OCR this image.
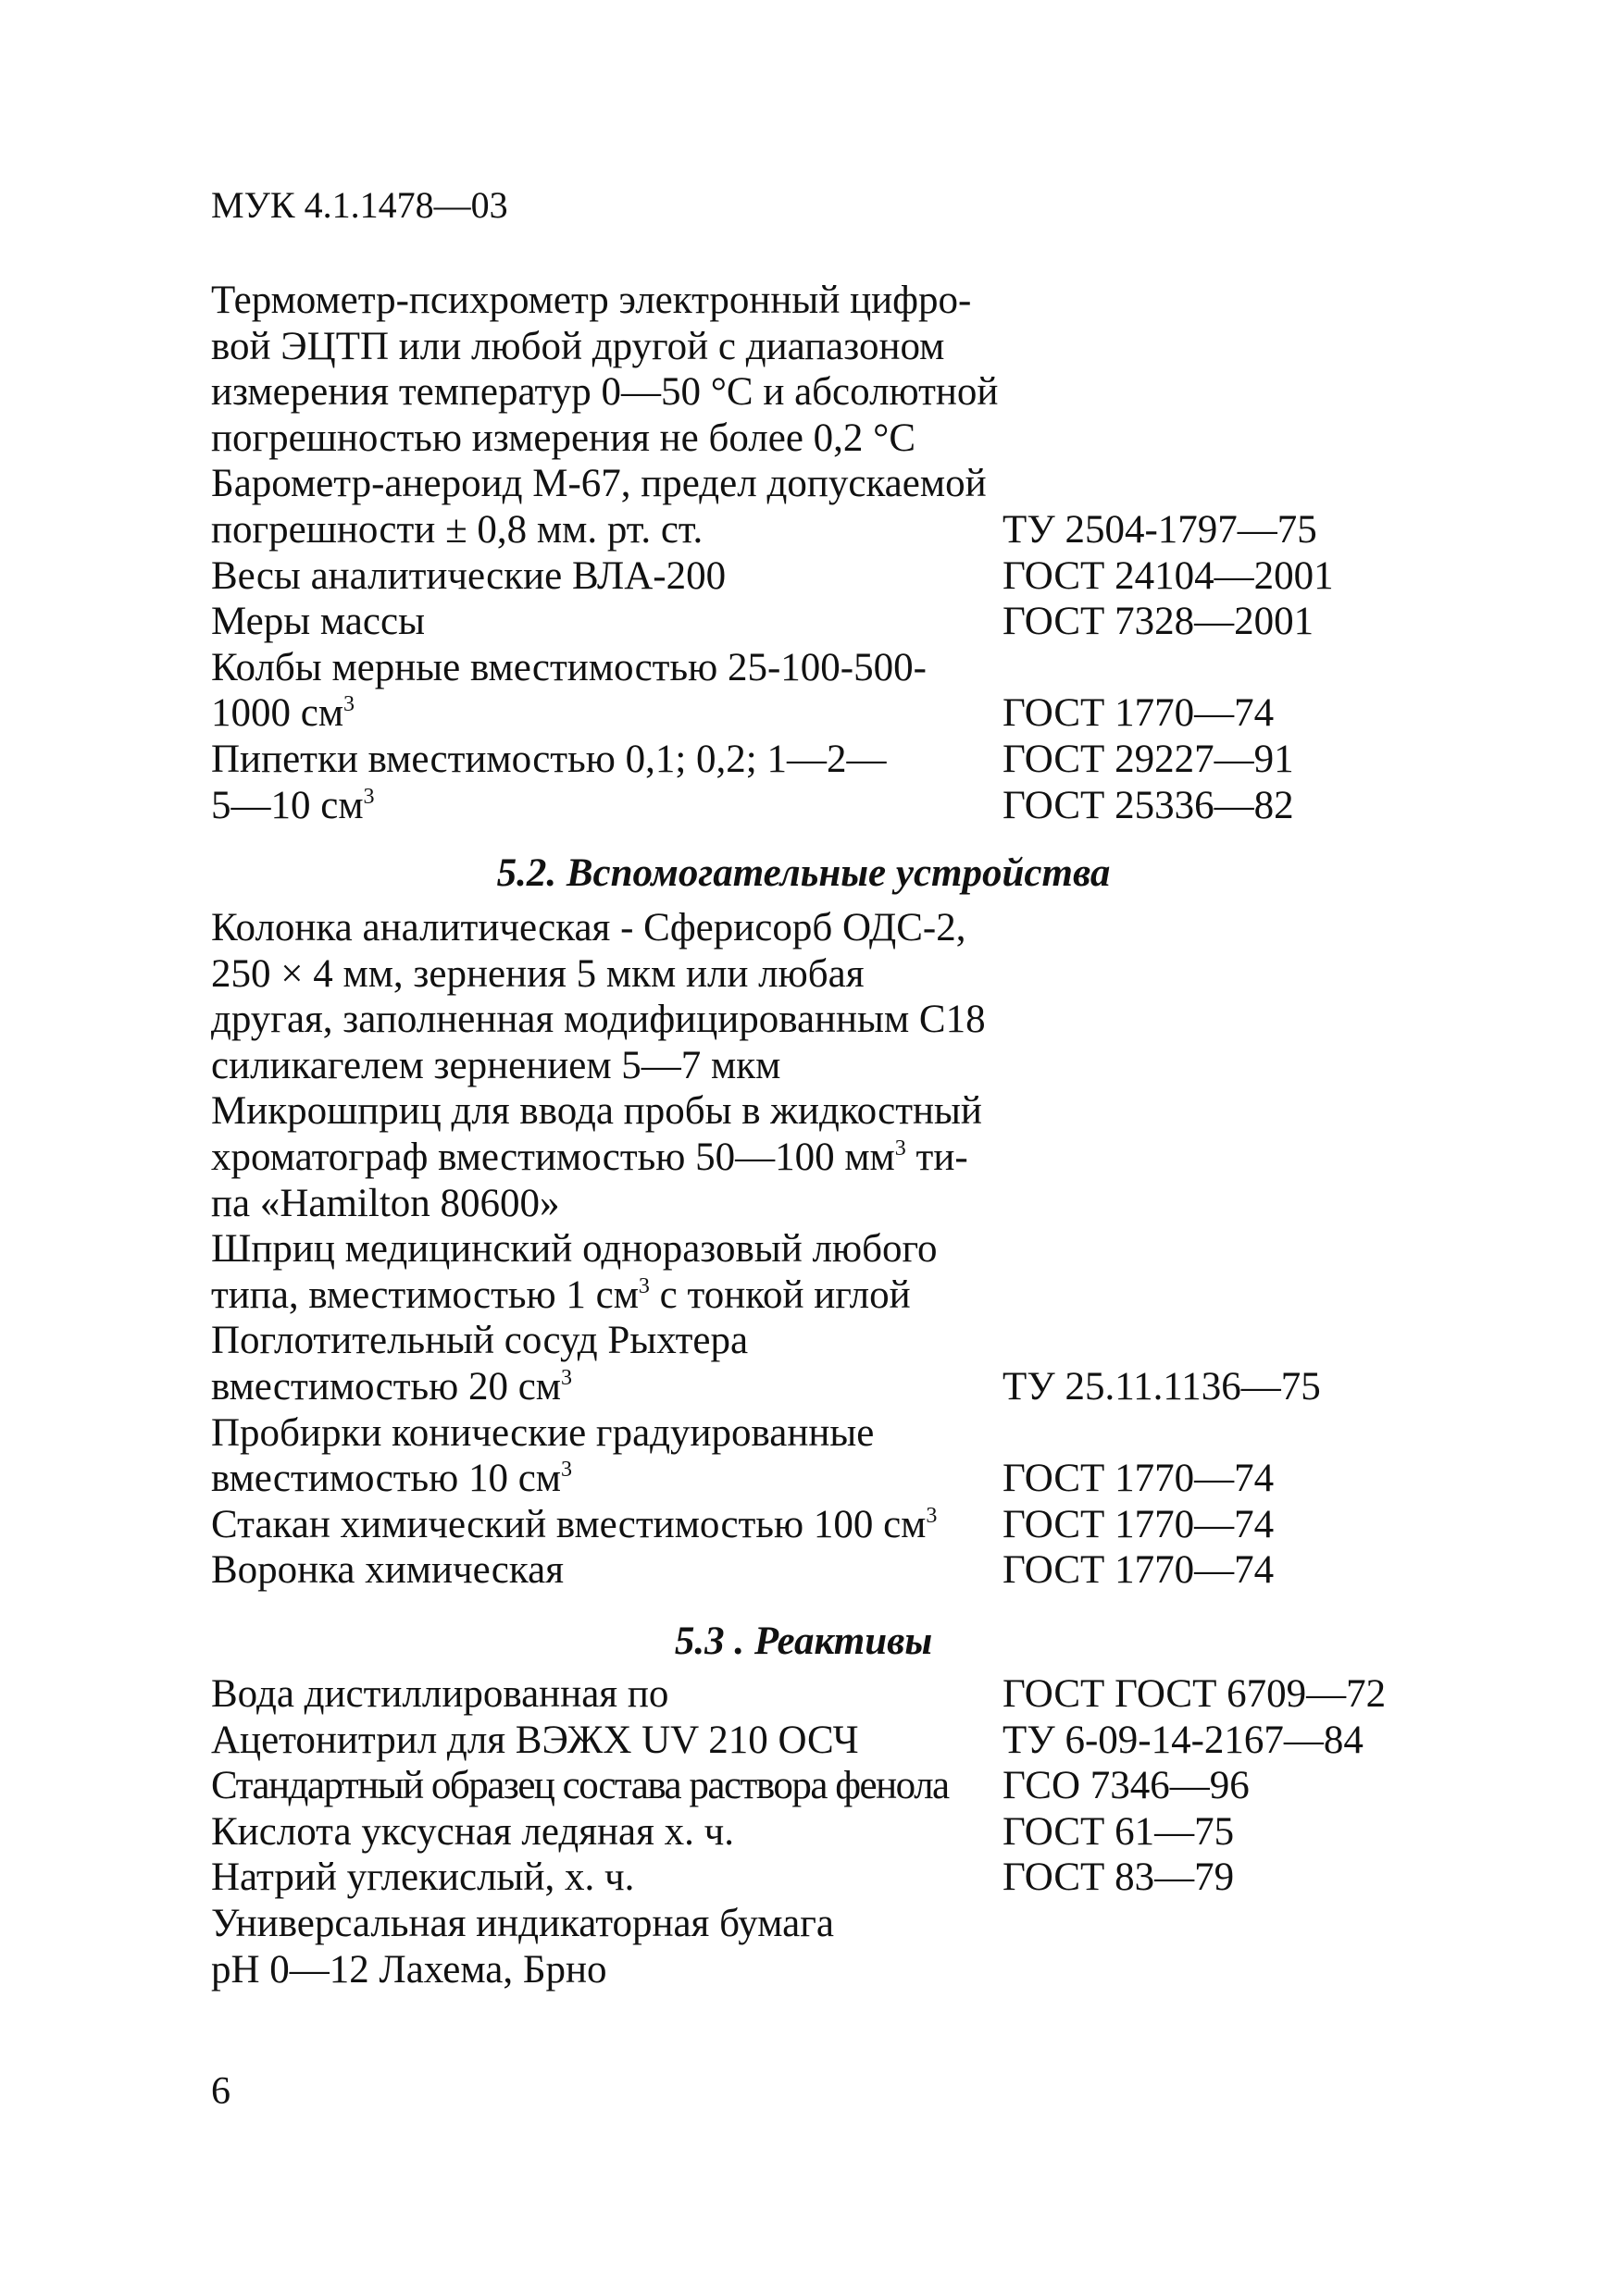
МУК 4.1.1478—03
Термометр-психрометр электронный цифро-
вой ЭЦТП или любой другой с диапазоном
измерения температур 0—50 °С и абсолютной
погрешностью измерения не более 0,2 °С
Барометр-анероид М-67, предел допускаемой
погрешности ± 0,8 мм. рт. ст.	ТУ 2504-1797—75
Весы аналитические ВЛА-200	ГОСТ 24104—2001
Меры массы	ГОСТ 7328—2001
Колбы мерные вместимостью 25-100-500-
1000 $см^3$	ГОСТ 1770—74
Пипетки вместимостью 0,1; 0,2; 1—2—	ГОСТ 29227—91
5—10 $см^3$	ГОСТ 25336—82
5.2. Вспомогательные устройства
Колонка аналитическая - Сферисорб ОДС-2,
250 × 4 мм, зернения 5 мкм или любая
другая, заполненная модифицированным С18
силикагелем зернением 5—7 мкм
Микрошприц для ввода пробы в жидкостный
хроматограф вместимостью 50—100 $мм^3$ ти-
па «Hamilton 80600»
Шприц медицинский одноразовый любого
типа, вместимостью 1 $см^3$ с тонкой иглой
Поглотительный сосуд Рыхтера
вместимостью 20 $см^3$	ТУ 25.11.1136—75
Пробирки конические градуированные
вместимостью 10 $см^3$	ГОСТ 1770—74
Стакан химический вместимостью 100 $см^3$ ГОСТ 1770—74
Воронка химическая	ГОСТ 1770—74
5.3 . Реактивы
Вода дистиллированная по	ГОСТ ГОСТ 6709—72
Ацетонитрил для ВЭЖХ UV 210 ОСЧ	ТУ 6-09-14-2167—84
Стандартный образец состава раствора фенола ГСО 7346—96
Кислота уксусная ледяная х. ч.	ГОСТ 61—75
Натрий углекислый, х. ч.	ГОСТ 83—79
Универсальная индикаторная бумага
рН 0—12 Лахема, Брно
6
